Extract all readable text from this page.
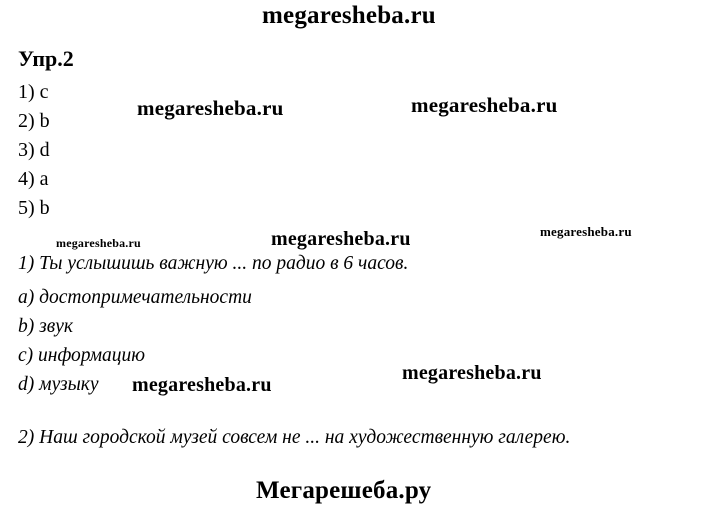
megaresheba.ru
Упр.2
1) c
2) b
3) d
4) a
5) b
megaresheba.ru	megaresheba.ru
megaresheba.ru	megaresheba.ru	megaresheba.ru
1) Ты услышишь важную ... по радио в 6 часов.
a) достопримечательности
b) звук
c) информацию
d) музыку	megaresheba.ru
megaresheba.ru
2) Наш городской музей совсем не ... на художественную галерею.
Мегарешеба.ру
